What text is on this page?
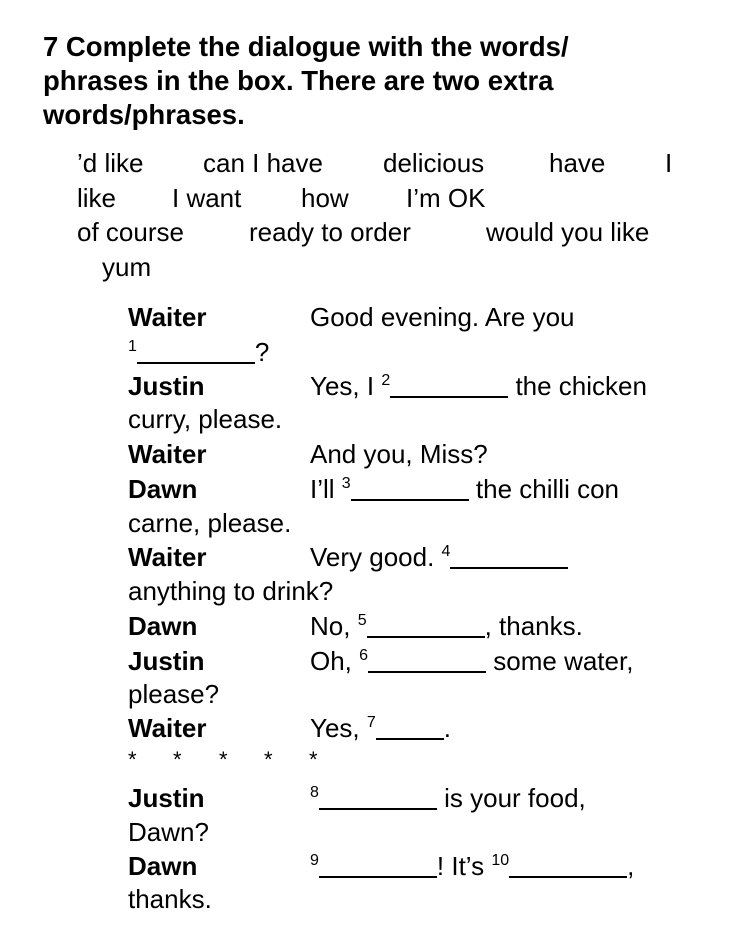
7 Complete the dialogue with the words/
phrases in the box. There are two extra
words/phrases.
’d like can I have delicious have I
like I want how I’m OK
of course	ready to order	would you like
yum
Waiter	Good evening. Are you
$^1$	?
Justin	Yes, I $^2$	the chicken
curry, please.
Waiter	And you, Miss?
Dawn	I’ll $^3$	the chilli con
carne, please.
Waiter	Very good. $^4$
anything to drink?
Dawn	No, $^5$	, thanks.
Justin	Oh, $^6$	some water,
please?
Waiter	Yes, $^7$	.
* * * * *
Justin	$^8$	is your food,
Dawn?
Dawn	$^9$	! It’s $^{10}$	,
thanks.
